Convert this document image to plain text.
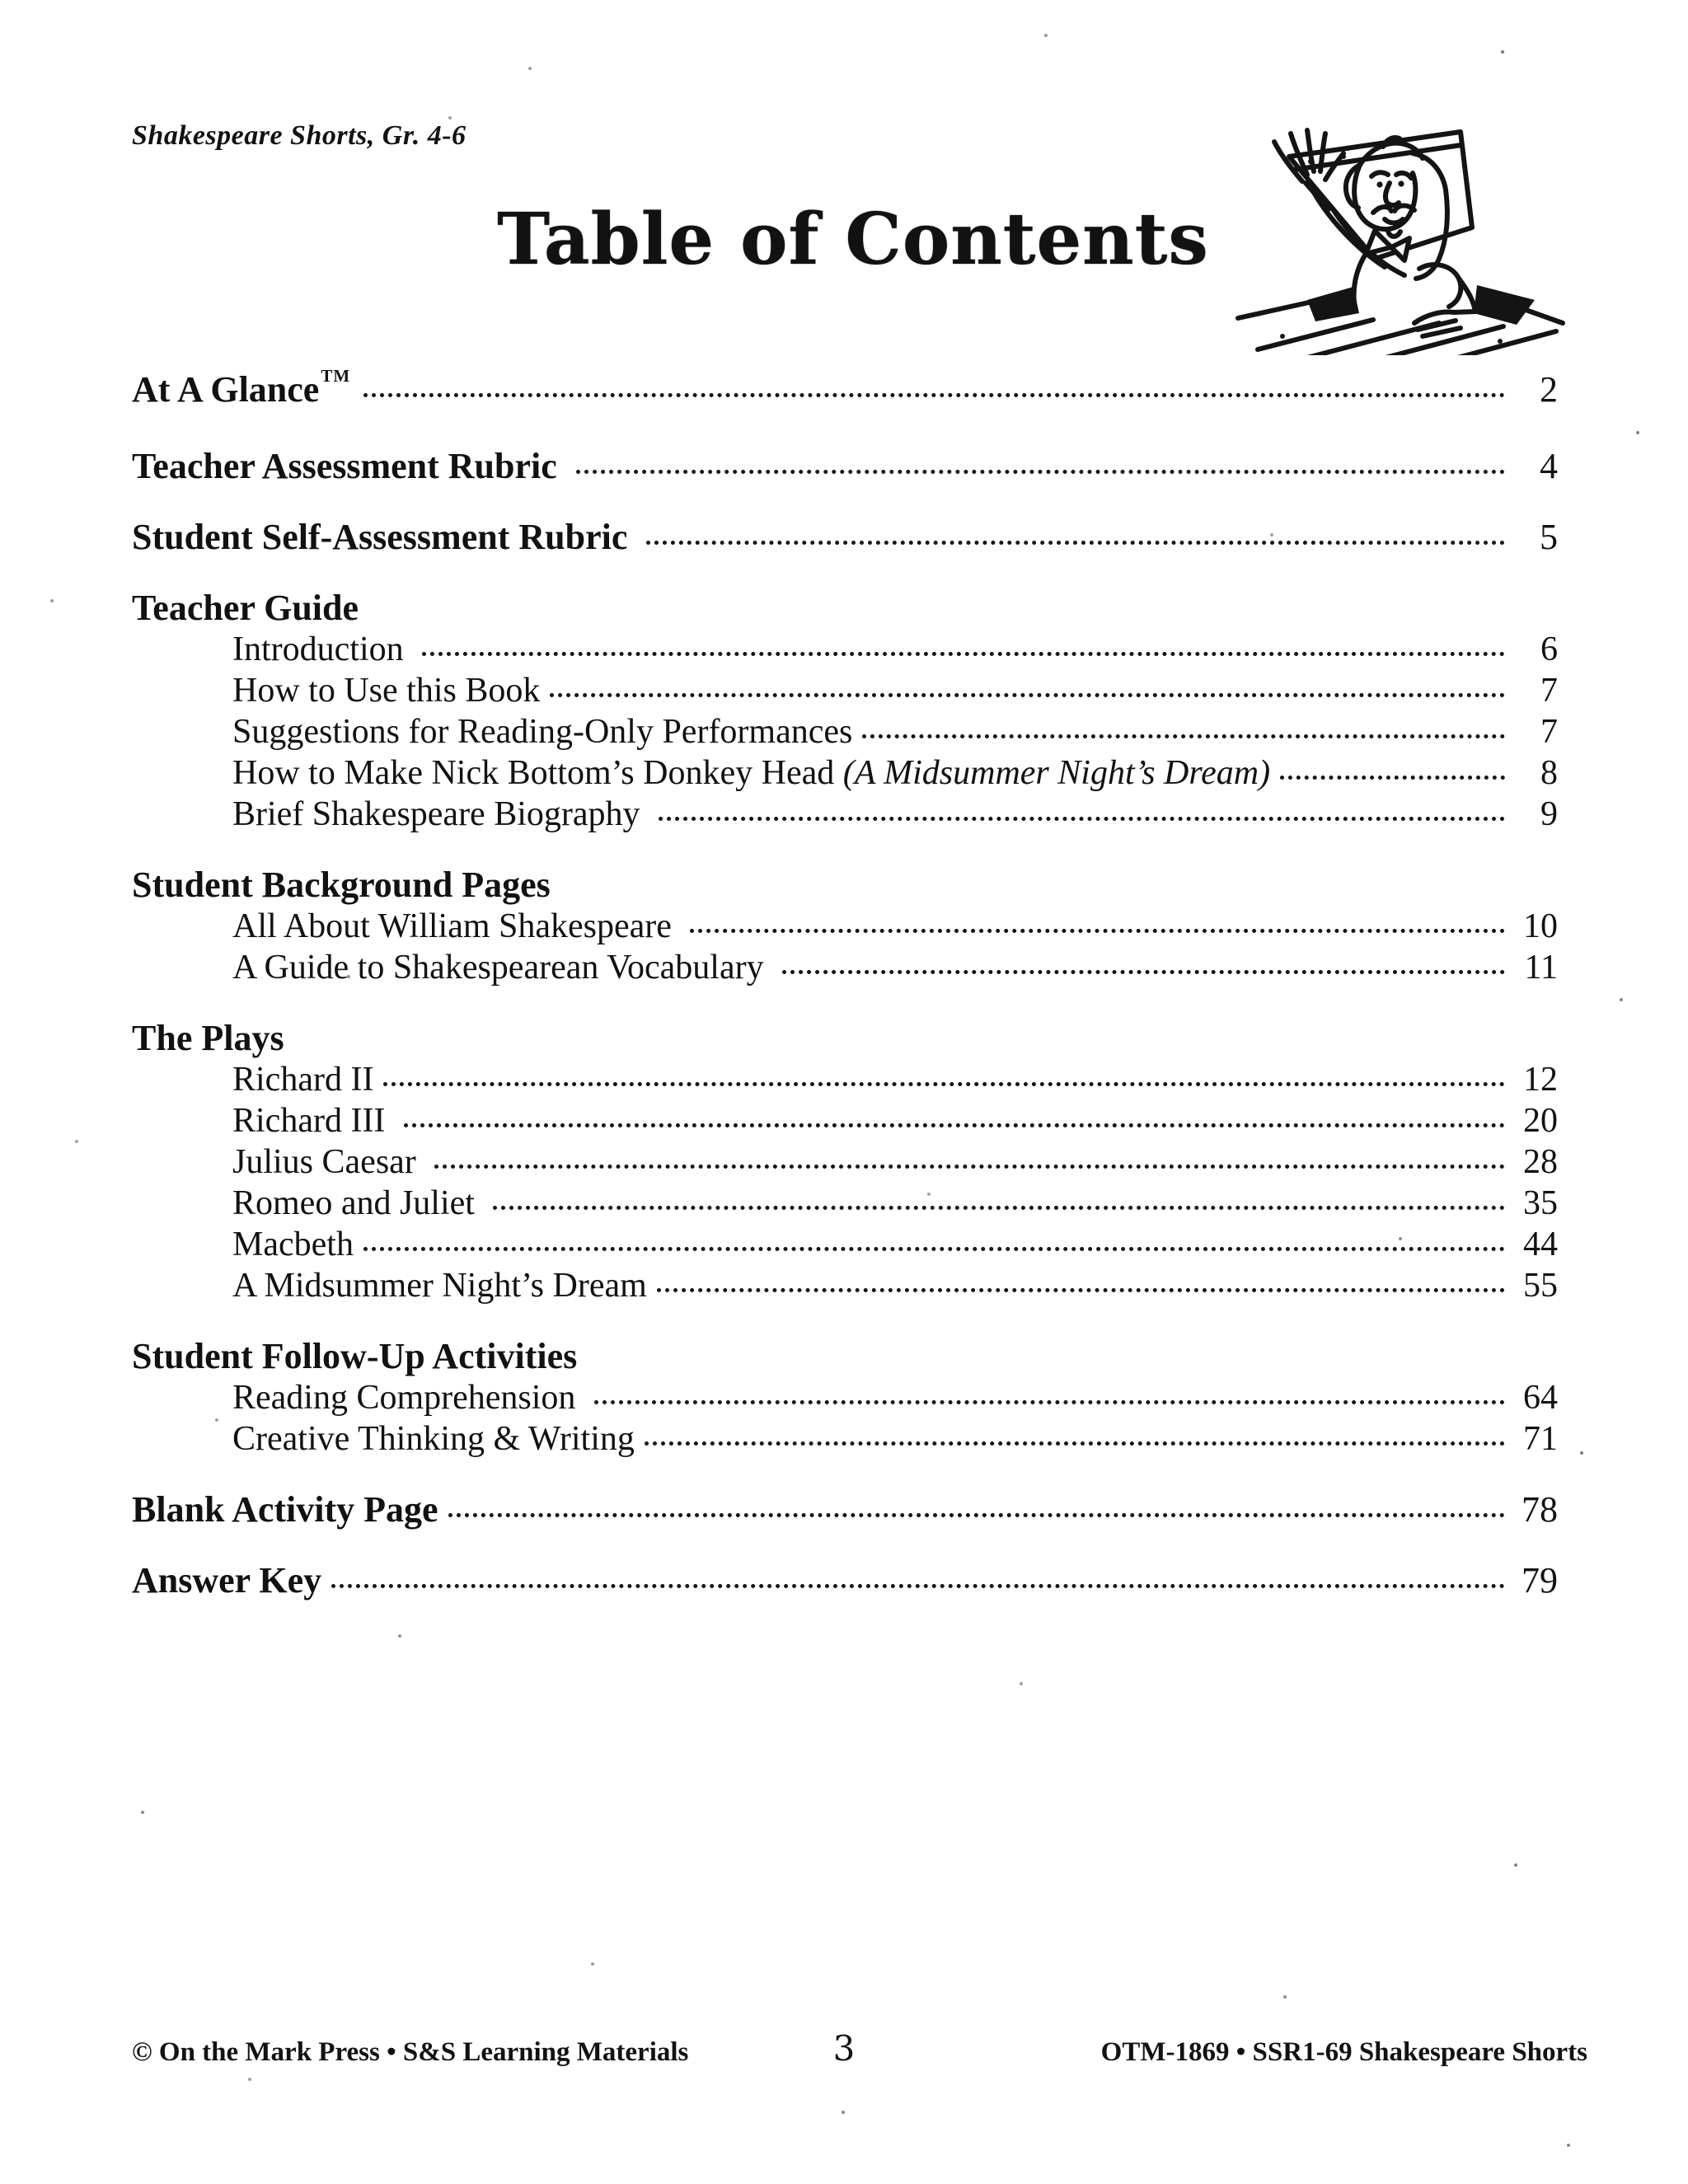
Shakespeare Shorts, Gr. 4-6
Table of Contents
At A Glance TM	2
Teacher Assessment Rubric	4
Student Self-Assessment Rubric	5
Teacher Guide
Introduction	6
How to Use this Book	7
Suggestions for Reading-Only Performances	7
How to Make Nick Bottom’s Donkey Head (A Midsummer Night’s Dream)	8
Brief Shakespeare Biography	9
Student Background Pages
All About William Shakespeare	10
A Guide to Shakespearean Vocabulary	11
The Plays
Richard II	12
Richard III	20
Julius Caesar	28
Romeo and Juliet	35
Macbeth	44
A Midsummer Night’s Dream	55
Student Follow-Up Activities
Reading Comprehension	64
Creative Thinking & Writing	71
Blank Activity Page	78
Answer Key	79
© On the Mark Press • S&S Learning Materials	3	OTM-1869 • SSR1-69 Shakespeare Shorts
